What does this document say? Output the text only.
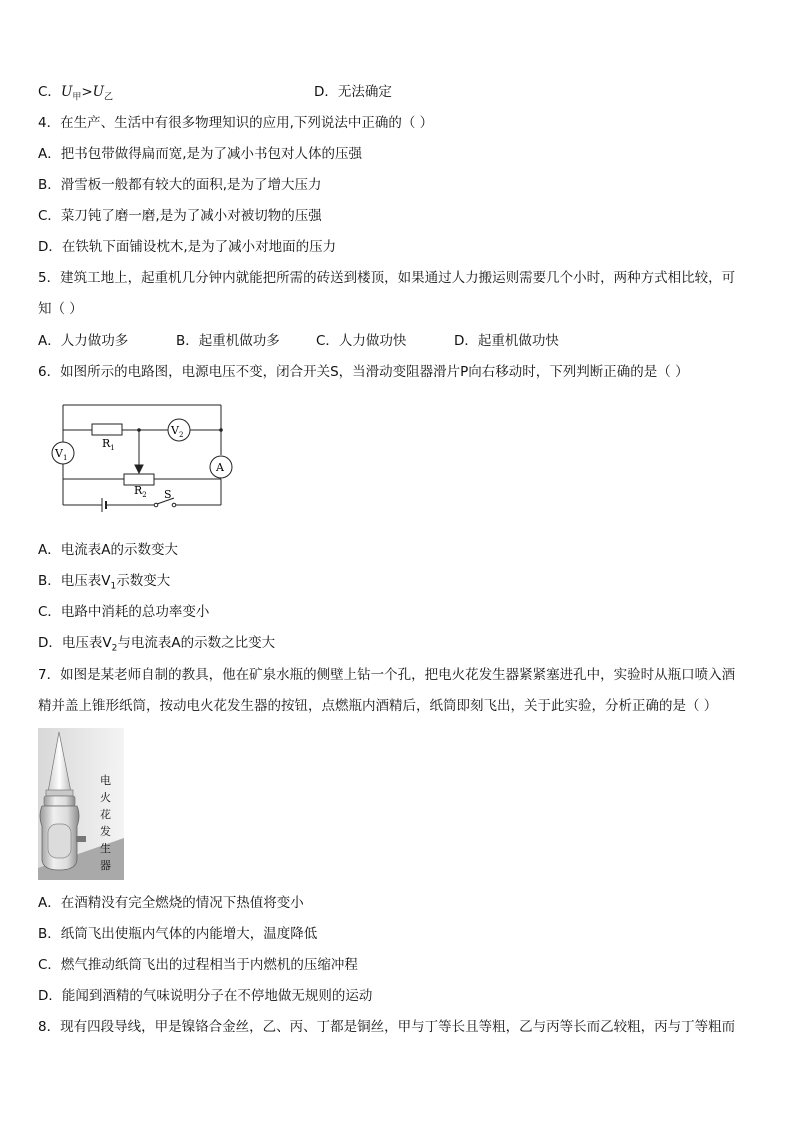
C．$U_甲>U_乙$	D．无法确定
4．在生产、生活中有很多物理知识的应用,下列说法中正确的（ ）
A．把书包带做得扁而宽,是为了减小书包对人体的压强
B．滑雪板一般都有较大的面积,是为了增大压力
C．菜刀钝了磨一磨,是为了减小对被切物的压强
D．在铁轨下面铺设枕木,是为了减小对地面的压力
5．建筑工地上，起重机几分钟内就能把所需的砖送到楼顶，如果通过人力搬运则需要几个小时，两种方式相比较，可
知（ ）
A．人力做功多	B．起重机做功多	C．人力做功快	D．起重机做功快
6．如图所示的电路图，电源电压不变，闭合开关S，当滑动变阻器滑片P向右移动时，下列判断正确的是（ ）
$V_1$
$V_2$
A
$R_1$
$R_2$ S
A．电流表A的示数变大
B．电压表$V_1$示数变大
C．电路中消耗的总功率变小
D．电压表$V_2$与电流表A的示数之比变大
7．如图是某老师自制的教具，他在矿泉水瓶的侧壁上钻一个孔，把电火花发生器紧紧塞进孔中，实验时从瓶口喷入酒
精并盖上锥形纸筒，按动电火花发生器的按钮，点燃瓶内酒精后，纸筒即刻飞出，关于此实验，分析正确的是（ ）
电
火
花
发
生
器
A．在酒精没有完全燃烧的情况下热值将变小
B．纸筒飞出使瓶内气体的内能增大，温度降低
C．燃气推动纸筒飞出的过程相当于内燃机的压缩冲程
D．能闻到酒精的气味说明分子在不停地做无规则的运动
8．现有四段导线，甲是镍铬合金丝，乙、丙、丁都是铜丝，甲与丁等长且等粗，乙与丙等长而乙较粗，丙与丁等粗而
